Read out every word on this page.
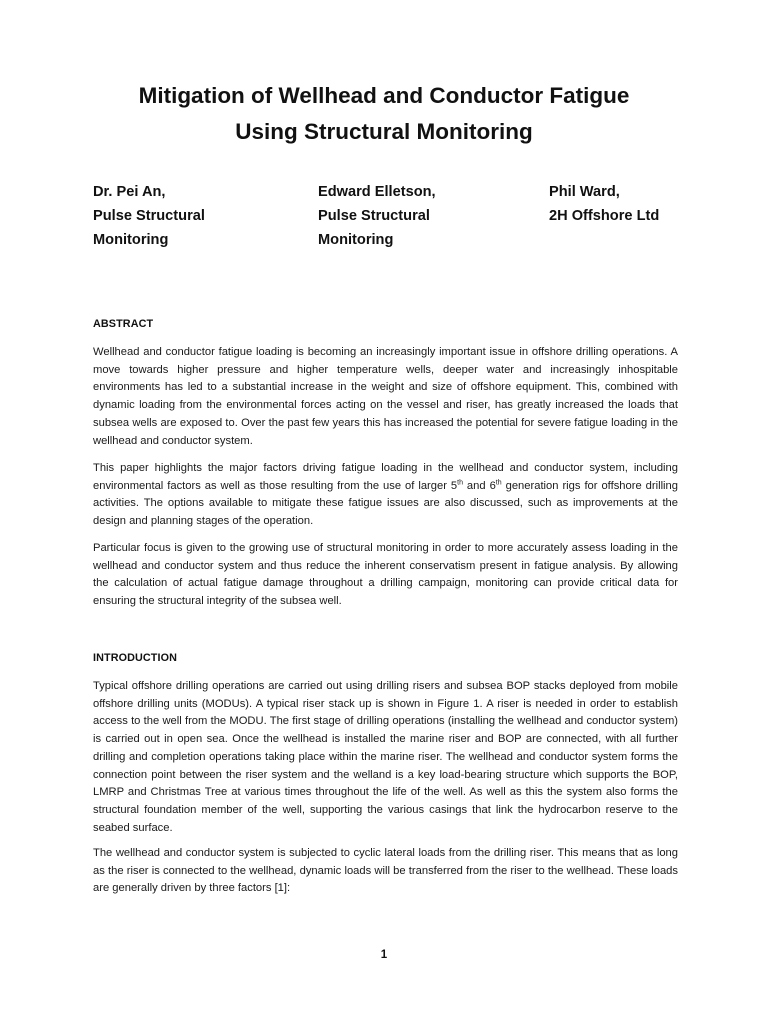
Mitigation of Wellhead and Conductor Fatigue
Using Structural Monitoring
Dr. Pei An,
Pulse Structural
Monitoring
Edward Elletson,
Pulse Structural
Monitoring
Phil Ward,
2H Offshore Ltd
ABSTRACT
Wellhead and conductor fatigue loading is becoming an increasingly important issue in offshore drilling operations. A move towards higher pressure and higher temperature wells, deeper water and increasingly inhospitable environments has led to a substantial increase in the weight and size of offshore equipment. This, combined with dynamic loading from the environmental forces acting on the vessel and riser, has greatly increased the loads that subsea wells are exposed to. Over the past few years this has increased the potential for severe fatigue loading in the wellhead and conductor system.
This paper highlights the major factors driving fatigue loading in the wellhead and conductor system, including environmental factors as well as those resulting from the use of larger 5th and 6th generation rigs for offshore drilling activities. The options available to mitigate these fatigue issues are also discussed, such as improvements at the design and planning stages of the operation.
Particular focus is given to the growing use of structural monitoring in order to more accurately assess loading in the wellhead and conductor system and thus reduce the inherent conservatism present in fatigue analysis. By allowing the calculation of actual fatigue damage throughout a drilling campaign, monitoring can provide critical data for ensuring the structural integrity of the subsea well.
INTRODUCTION
Typical offshore drilling operations are carried out using drilling risers and subsea BOP stacks deployed from mobile offshore drilling units (MODUs). A typical riser stack up is shown in Figure 1. A riser is needed in order to establish access to the well from the MODU. The first stage of drilling operations (installing the wellhead and conductor system) is carried out in open sea. Once the wellhead is installed the marine riser and BOP are connected, with all further drilling and completion operations taking place within the marine riser. The wellhead and conductor system forms the connection point between the riser system and the welland is a key load-bearing structure which supports the BOP, LMRP and Christmas Tree at various times throughout the life of the well. As well as this the system also forms the structural foundation member of the well, supporting the various casings that link the hydrocarbon reserve to the seabed surface.
The wellhead and conductor system is subjected to cyclic lateral loads from the drilling riser. This means that as long as the riser is connected to the wellhead, dynamic loads will be transferred from the riser to the wellhead. These loads are generally driven by three factors [1]:
1
